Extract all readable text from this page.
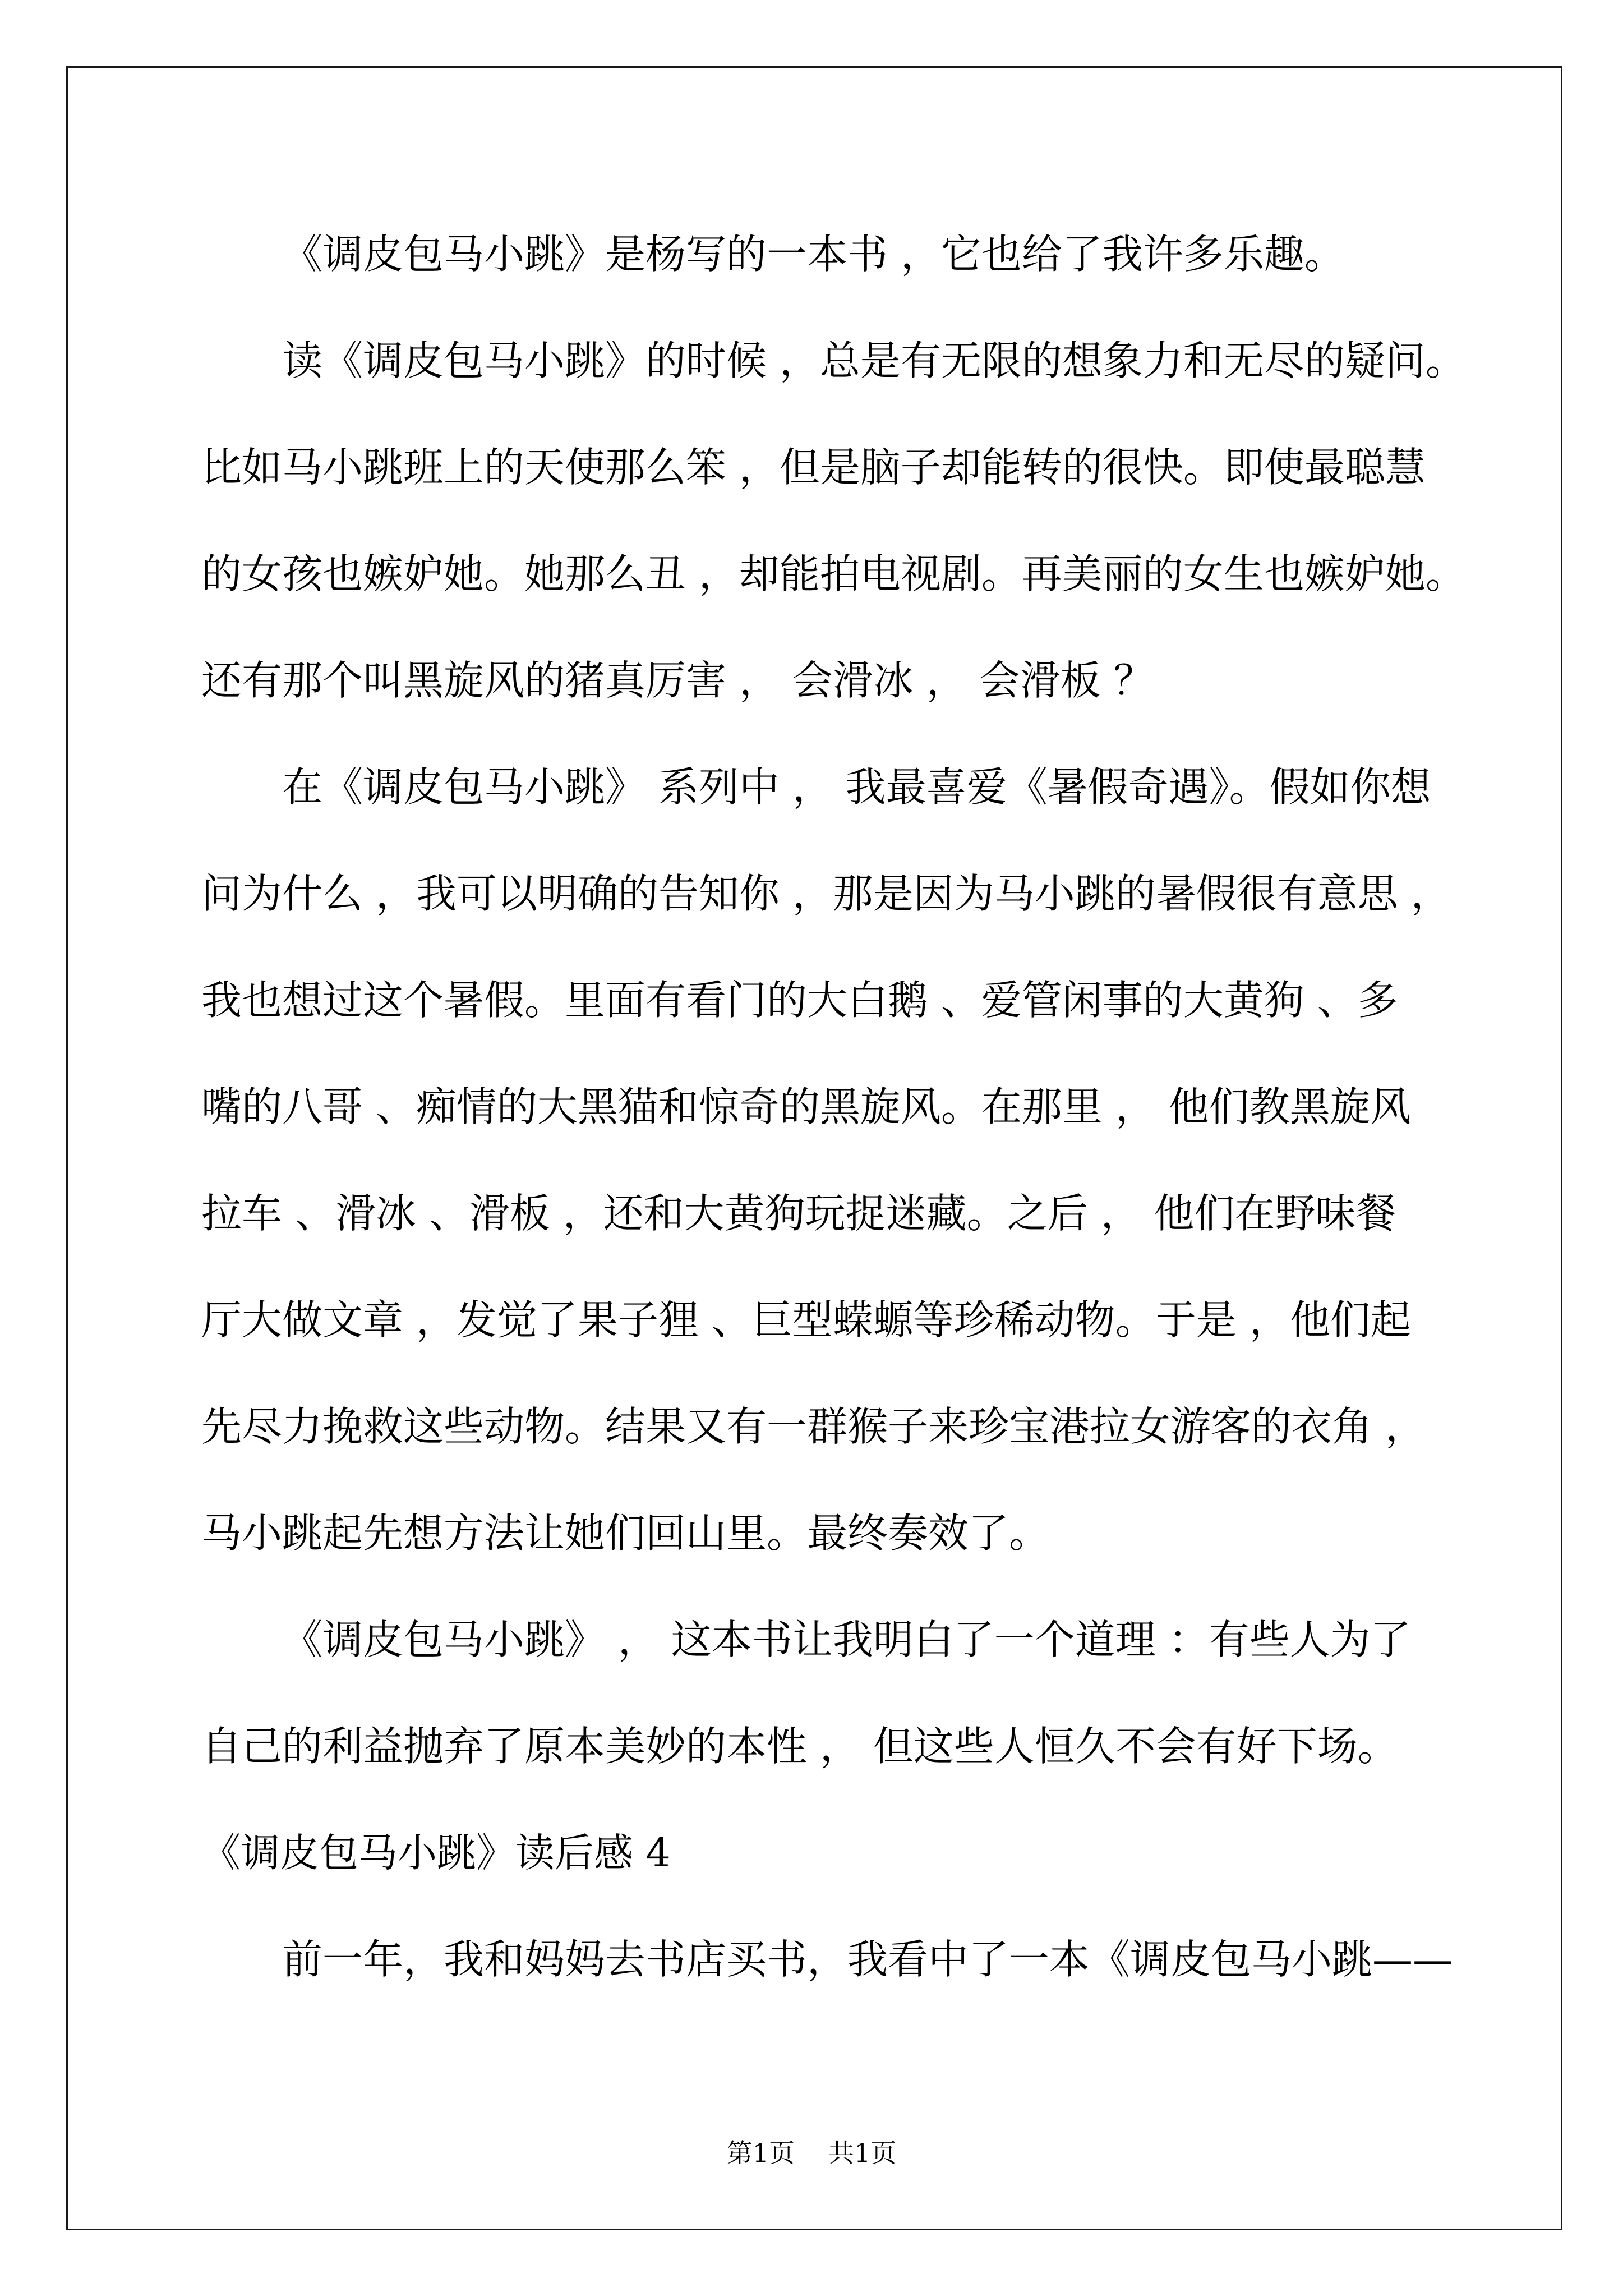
《调皮包马小跳》是杨写的一本书 ，它也给了我许多乐趣。
读《调皮包马小跳》的时候 ，总是有无限的想象力和无尽的疑问。
比如马小跳班上的天使那么笨 ，但是脑子却能转的很快。即使最聪慧
的女孩也嫉妒她。她那么丑 ，却能拍电视剧。再美丽的女生也嫉妒她。
还有那个叫黑旋风的猪真厉害 ， 会滑冰 ， 会滑板 ？
在《调皮包马小跳》 系列中 ， 我最喜爱《暑假奇遇》。假如你想
问为什么 ，我可以明确的告知你 ，那是因为马小跳的暑假很有意思 ，
我也想过这个暑假。里面有看门的大白鹅 、爱管闲事的大黄狗 、多
嘴的八哥 、痴情的大黑猫和惊奇的黑旋风。在那里 ， 他们教黑旋风
拉车 、滑冰 、滑板 ，还和大黄狗玩捉迷藏。之后 ， 他们在野味餐
厅大做文章 ，发觉了果子狸 、巨型蝾螈等珍稀动物。于是 ，他们起
先尽力挽救这些动物。结果又有一群猴子来珍宝港拉女游客的衣角 ，
马小跳起先想方法让她们回山里。最终奏效了。
《调皮包马小跳》 ， 这本书让我明白了一个道理 ：有些人为了
自己的利益抛弃了原本美妙的本性 ， 但这些人恒久不会有好下场。
《调皮包马小跳》读后感 4
前一年，我和妈妈去书店买书，我看中了一本《调皮包马小跳——
第1页 共1页
